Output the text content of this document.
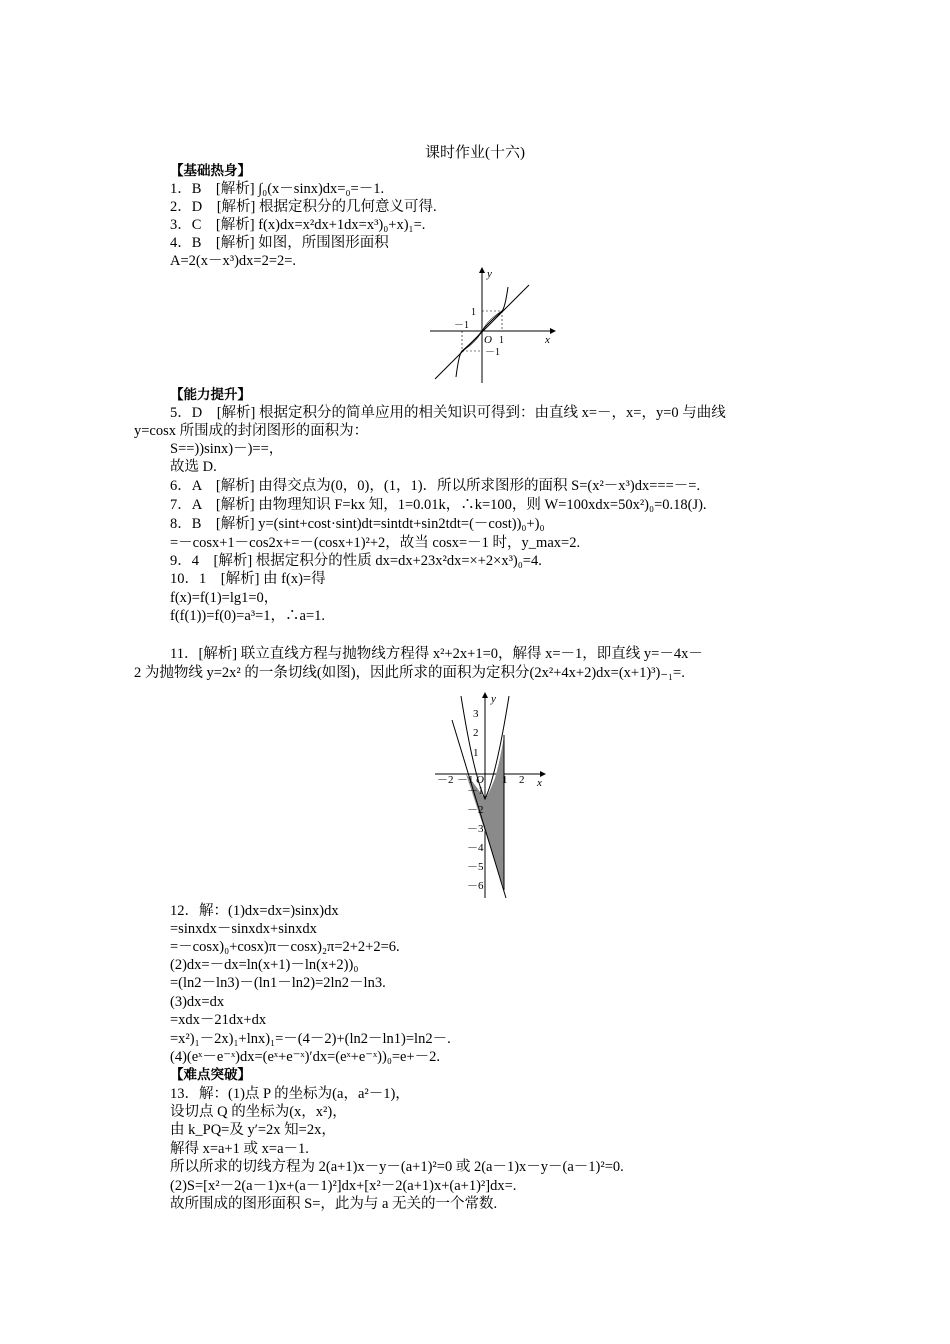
课时作业(十六)
【基础热身】
1．B　[解析] ∫₀(x－sinx)dx=₀=－1.
2．D　[解析] 根据定积分的几何意义可得.
3．C　[解析] f(x)dx=x²dx+1dx=x³)₀+x)₁=.
4．B　[解析] 如图，所围图形面积
A=2(x－x³)dx=2=2=.
y
x
O
1
－1
1
－1
【能力提升】
5．D　[解析] 根据定积分的简单应用的相关知识可得到：由直线 x=－，x=，y=0 与曲线
y=cosx 所围成的封闭图形的面积为：
S==))sinx)－)==，
故选 D.
6．A　[解析] 由得交点为(0，0)，(1，1)．所以所求图形的面积 S=(x²－x³)dx===－=.
7．A　[解析] 由物理知识 F=kx 知，1=0.01k，∴k=100，则 W=100xdx=50x²)₀=0.18(J).
8．B　[解析] y=(sint+cost·sint)dt=sintdt+sin2tdt=(－cost))₀+)₀
=－cosx+1－cos2x+=－(cosx+1)²+2，故当 cosx=－1 时，y_max=2.
9．4　[解析] 根据定积分的性质 dx=dx+23x²dx=×+2×x³)₀=4.
10．1　[解析] 由 f(x)=得
f(x)=f(1)=lg1=0，
f(f(1))=f(0)=a³=1，∴a=1.
11．[解析] 联立直线方程与抛物线方程得 x²+2x+1=0，解得 x=－1，即直线 y=－4x－
2 为抛物线 y=2x² 的一条切线(如图)，因此所求的面积为定积分(2x²+4x+2)dx=(x+1)³)₋₁=.
3
2
1
－1
－2
－3
－4
－5
－6
－2 －1	1 2
O
y
x
12．解：(1)dx=dx=)sinx)dx
=sinxdx－sinxdx+sinxdx
=－cosx)₀+cosx)π－cosx)₂π=2+2+2=6.
(2)dx=－dx=ln(x+1)－ln(x+2))₀
=(ln2－ln3)－(ln1－ln2)=2ln2－ln3.
(3)dx=dx
=xdx－21dx+dx
=x²)₁－2x)₁+lnx)₁=－(4－2)+(ln2－ln1)=ln2－.
(4)(eˣ－e⁻ˣ)dx=(eˣ+e⁻ˣ)′dx=(eˣ+e⁻ˣ))₀=e+－2.
【难点突破】
13．解：(1)点 P 的坐标为(a，a²－1)，
设切点 Q 的坐标为(x，x²)，
由 k_PQ=及 y′=2x 知=2x，
解得 x=a+1 或 x=a－1.
所以所求的切线方程为 2(a+1)x－y－(a+1)²=0 或 2(a－1)x－y－(a－1)²=0.
(2)S=[x²－2(a－1)x+(a－1)²]dx+[x²－2(a+1)x+(a+1)²]dx=.
故所围成的图形面积 S=，此为与 a 无关的一个常数.
